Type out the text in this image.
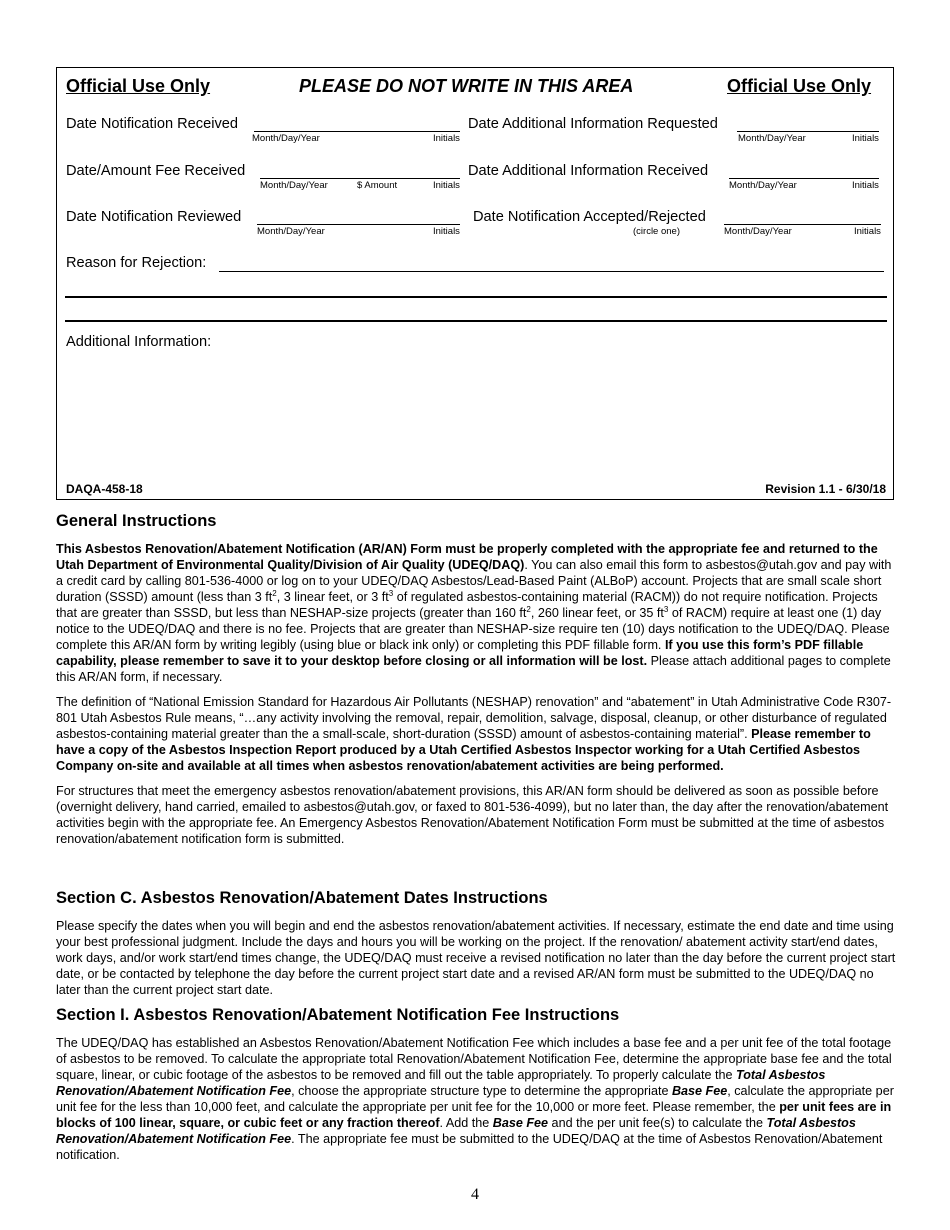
Official Use Only	PLEASE DO NOT WRITE IN THIS AREA	Official Use Only
Date Notification Received
Month/Day/Year	Initials
Date Additional Information Requested
Month/Day/Year	Initials
Date/Amount Fee Received
Month/Day/Year	$ Amount	Initials
Date Additional Information Received
Month/Day/Year	Initials
Date Notification Reviewed
Month/Day/Year	Initials
Date Notification Accepted/Rejected
(circle one)	Month/Day/Year	Initials
Reason for Rejection:
Additional Information:
DAQA-458-18	Revision 1.1 - 6/30/18
General Instructions

This Asbestos Renovation/Abatement Notification (AR/AN) Form must be properly completed with the appropriate fee and returned to the Utah Department of Environmental Quality/Division of Air Quality (UDEQ/DAQ). You can also email this form to asbestos@utah.gov and pay with a credit card by calling 801-536-4000 or log on to your UDEQ/DAQ Asbestos/Lead-Based Paint (ALBoP) account. Projects that are small scale short duration (SSSD) amount (less than 3 $ft^2$, 3 linear feet, or 3 $ft^3$ of regulated asbestos-containing material (RACM)) do not require notification. Projects that are greater than SSSD, but less than NESHAP-size projects (greater than 160 $ft^2$, 260 linear feet, or 35 $ft^3$ of RACM) require at least one (1) day notice to the UDEQ/DAQ and there is no fee. Projects that are greater than NESHAP-size require ten (10) days notification to the UDEQ/DAQ. Please complete this AR/AN form by writing legibly (using blue or black ink only) or completing this PDF fillable form. If you use this form’s PDF fillable capability, please remember to save it to your desktop before closing or all information will be lost. Please attach additional pages to complete this AR/AN form, if necessary.

The definition of “National Emission Standard for Hazardous Air Pollutants (NESHAP) renovation” and “abatement” in Utah Administrative Code R307-801 Utah Asbestos Rule means, “…any activity involving the removal, repair, demolition, salvage, disposal, cleanup, or other disturbance of regulated asbestos-containing material greater than the a small-scale, short-duration (SSSD) amount of asbestos-containing material”. Please remember to have a copy of the Asbestos Inspection Report produced by a Utah Certified Asbestos Inspector working for a Utah Certified Asbestos Company on-site and available at all times when asbestos renovation/abatement activities are being performed.

For structures that meet the emergency asbestos renovation/abatement provisions, this AR/AN form should be delivered as soon as possible before (overnight delivery, hand carried, emailed to asbestos@utah.gov, or faxed to 801-536-4099), but no later than, the day after the renovation/abatement activities begin with the appropriate fee. An Emergency Asbestos Renovation/Abatement Notification Form must be submitted at the time of asbestos renovation/abatement notification form is submitted.

Section C. Asbestos Renovation/Abatement Dates Instructions

Please specify the dates when you will begin and end the asbestos renovation/abatement activities. If necessary, estimate the end date and time using your best professional judgment. Include the days and hours you will be working on the project. If the renovation/ abatement activity start/end dates, work days, and/or work start/end times change, the UDEQ/DAQ must receive a revised notification no later than the day before the current project start date, or be contacted by telephone the day before the current project start date and a revised AR/AN form must be submitted to the UDEQ/DAQ no later than the current project start date.

Section I. Asbestos Renovation/Abatement Notification Fee Instructions

The UDEQ/DAQ has established an Asbestos Renovation/Abatement Notification Fee which includes a base fee and a per unit fee of the total footage of asbestos to be removed. To calculate the appropriate total Renovation/Abatement Notification Fee, determine the appropriate base fee and the total square, linear, or cubic footage of the asbestos to be removed and fill out the table appropriately. To properly calculate the Total Asbestos Renovation/Abatement Notification Fee, choose the appropriate structure type to determine the appropriate Base Fee, calculate the appropriate per unit fee for the less than 10,000 feet, and calculate the appropriate per unit fee for the 10,000 or more feet. Please remember, the per unit fees are in blocks of 100 linear, square, or cubic feet or any fraction thereof. Add the Base Fee and the per unit fee(s) to calculate the Total Asbestos Renovation/Abatement Notification Fee. The appropriate fee must be submitted to the UDEQ/DAQ at the time of Asbestos Renovation/Abatement notification.

4
